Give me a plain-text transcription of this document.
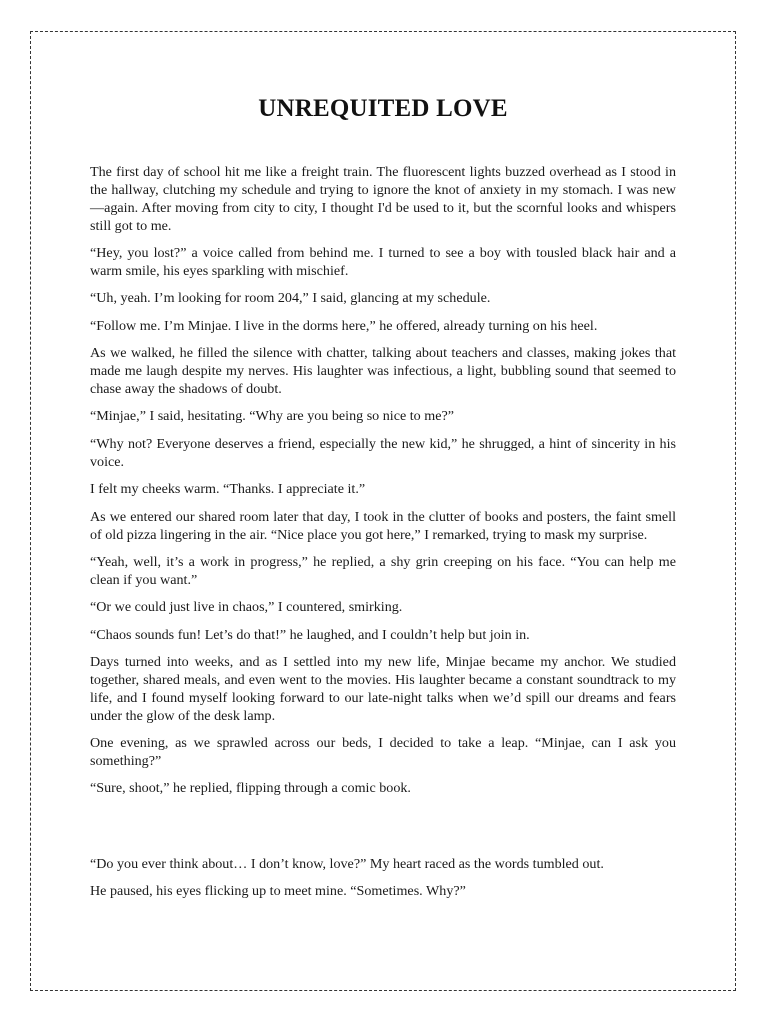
UNREQUITED LOVE

The first day of school hit me like a freight train. The fluorescent lights buzzed overhead as I stood in the hallway, clutching my schedule and trying to ignore the knot of anxiety in my stomach. I was new—again. After moving from city to city, I thought I'd be used to it, but the scornful looks and whispers still got to me.

“Hey, you lost?” a voice called from behind me. I turned to see a boy with tousled black hair and a warm smile, his eyes sparkling with mischief.

“Uh, yeah. I’m looking for room 204,” I said, glancing at my schedule.

“Follow me. I’m Minjae. I live in the dorms here,” he offered, already turning on his heel.

As we walked, he filled the silence with chatter, talking about teachers and classes, making jokes that made me laugh despite my nerves. His laughter was infectious, a light, bubbling sound that seemed to chase away the shadows of doubt.

“Minjae,” I said, hesitating. “Why are you being so nice to me?”

“Why not? Everyone deserves a friend, especially the new kid,” he shrugged, a hint of sincerity in his voice.

I felt my cheeks warm. “Thanks. I appreciate it.”

As we entered our shared room later that day, I took in the clutter of books and posters, the faint smell of old pizza lingering in the air. “Nice place you got here,” I remarked, trying to mask my surprise.

“Yeah, well, it’s a work in progress,” he replied, a shy grin creeping on his face. “You can help me clean if you want.”

“Or we could just live in chaos,” I countered, smirking.

“Chaos sounds fun! Let’s do that!” he laughed, and I couldn’t help but join in.

Days turned into weeks, and as I settled into my new life, Minjae became my anchor. We studied together, shared meals, and even went to the movies. His laughter became a constant soundtrack to my life, and I found myself looking forward to our late-night talks when we’d spill our dreams and fears under the glow of the desk lamp.

One evening, as we sprawled across our beds, I decided to take a leap. “Minjae, can I ask you something?”

“Sure, shoot,” he replied, flipping through a comic book.

“Do you ever think about… I don’t know, love?” My heart raced as the words tumbled out.

He paused, his eyes flicking up to meet mine. “Sometimes. Why?”
